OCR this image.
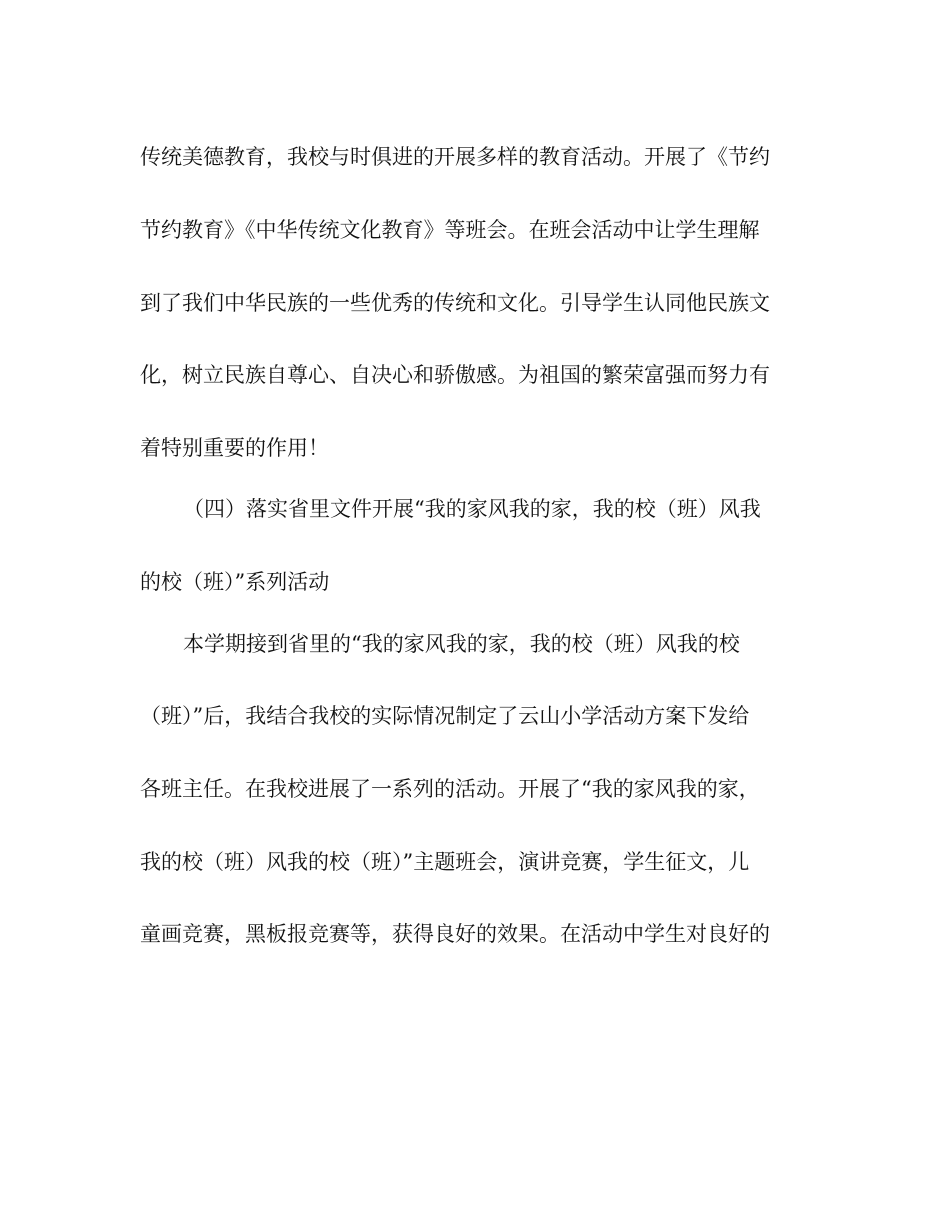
传统美德教育，我校与时俱进的开展多样的教育活动。开展了《节约
节约教育》《中华传统文化教育》等班会。在班会活动中让学生理解
到了我们中华民族的一些优秀的传统和文化。引导学生认同他民族文
化，树立民族自尊心、自决心和骄傲感。为祖国的繁荣富强而努力有
着特别重要的作用！
（四）落实省里文件开展“我的家风我的家，我的校（班）风我
的校（班）”系列活动
本学期接到省里的“我的家风我的家，我的校（班）风我的校
（班）”后，我结合我校的实际情况制定了云山小学活动方案下发给
各班主任。在我校进展了一系列的活动。开展了“我的家风我的家，
我的校（班）风我的校（班）”主题班会，演讲竞赛，学生征文，儿
童画竞赛，黑板报竞赛等，获得良好的效果。在活动中学生对良好的
